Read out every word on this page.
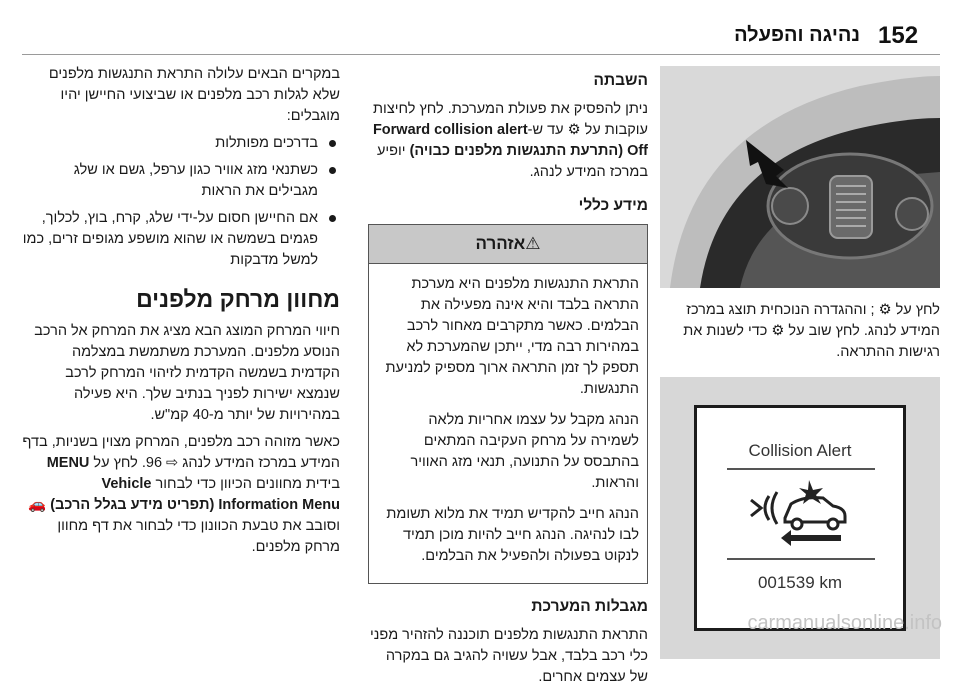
152
נהיגה והפעלה

לחץ על ⚙ ; וההגדרה הנוכחית תוצג במרכז המידע לנהג. לחץ שוב על ⚙ כדי לשנות את רגישות ההתראה.

Collision Alert
001539 km
השבתה

ניתן להפסיק את פעולת המערכת. לחץ לחיצות עוקבות על ⚙ עד ש-Forward collision alert Off (התרעת התנגשות מלפנים כבויה) יופיע במרכז המידע לנהג.

מידע כללי
⚠אזהרה

התראת התנגשות מלפנים היא מערכת התראה בלבד והיא אינה מפעילה את הבלמים. כאשר מתקרבים מאחור לרכב במהירות רבה מדי, ייתכן שהמערכת לא תספק לך זמן התראה ארוך מספיק למניעת התנגשות.

הנהג מקבל על עצמו אחריות מלאה לשמירה על מרחק העקיבה המתאים בהתבסס על התנועה, תנאי מזג האוויר והראות.

הנהג חייב להקדיש תמיד את מלוא תשומת לבו לנהיגה. הנהג חייב להיות מוכן תמיד לנקוט בפעולה ולהפעיל את הבלמים.

מגבלות המערכת

התראת התנגשות מלפנים תוכננה להזהיר מפני כלי רכב בלבד, אבל עשויה להגיב גם במקרה של עצמים אחרים.

במקרים הבאים עלולה התראת התנגשות מלפנים שלא לגלות רכב מלפנים או שביצועי החיישן יהיו מוגבלים:

בדרכים מפותלות
כשתנאי מזג אוויר כגון ערפל, גשם או שלג מגבילים את הראות
אם החיישן חסום על-ידי שלג, קרח, בוץ, לכלוך, פגמים בשמשה או שהוא מושפע מגופים זרים, כמו למשל מדבקות
מחוון מרחק מלפנים

חיווי המרחק המוצג הבא מציג את המרחק אל הרכב הנוסע מלפנים. המערכת משתמשת במצלמה הקדמית בשמשה הקדמית לזיהוי המרחק לרכב שנמצא ישירות לפניך בנתיב שלך. היא פעילה במהירויות של יותר מ-40 קמ"ש.

כאשר מזוהה רכב מלפנים, המרחק מצוין בשניות, בדף המידע במרכז המידע לנהג ⇨ 96. לחץ על MENU בידית מחוונים הכיוון כדי לבחור Vehicle Information Menu (תפריט מידע בגלל הרכב) 🚗 וסובב את טבעת הכוונון כדי לבחור את דף מחוון מרחק מלפנים.

carmanualsonline.info
